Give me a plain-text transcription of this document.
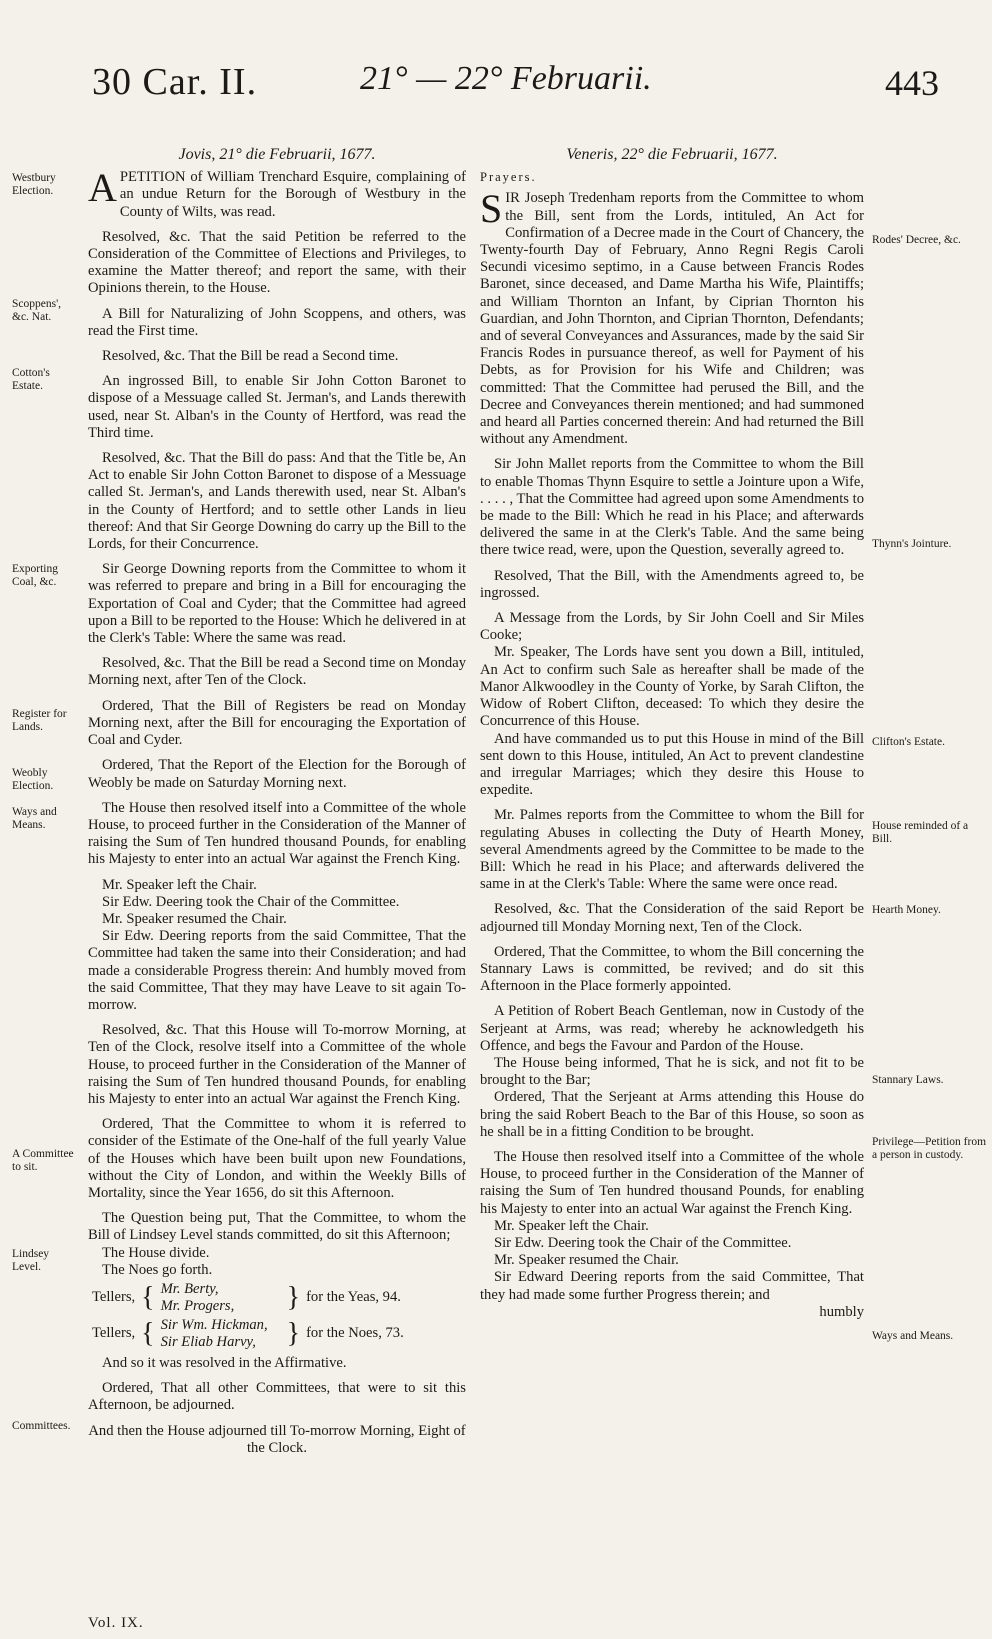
30 Car. II.	21° — 22° Februarii.	443
Westbury Election.
Scoppens', &c. Nat.
Cotton's Estate.
Exporting Coal, &c.
Register for Lands.
Weobly Election.
Ways and Means.
A Committee to sit.
Lindsey Level.
Committees.
Rodes' Decree, &c.
Thynn's Jointure.
Clifton's Estate.
House reminded of a Bill.
Hearth Money.
Stannary Laws.
Privilege—Petition from a person in custody.
Ways and Means.
Jovis, 21° die Februarii, 1677.

APETITION of William Trenchard Esquire, complaining of an undue Return for the Borough of Westbury in the County of Wilts, was read.

Resolved, &c. That the said Petition be referred to the Consideration of the Committee of Elections and Privileges, to examine the Matter thereof; and report the same, with their Opinions therein, to the House.

A Bill for Naturalizing of John Scoppens, and others, was read the First time.

Resolved, &c. That the Bill be read a Second time.

An ingrossed Bill, to enable Sir John Cotton Baronet to dispose of a Messuage called St. Jerman's, and Lands therewith used, near St. Alban's in the County of Hertford, was read the Third time.

Resolved, &c. That the Bill do pass: And that the Title be, An Act to enable Sir John Cotton Baronet to dispose of a Messuage called St. Jerman's, and Lands therewith used, near St. Alban's in the County of Hertford; and to settle other Lands in lieu thereof: And that Sir George Downing do carry up the Bill to the Lords, for their Concurrence.

Sir George Downing reports from the Committee to whom it was referred to prepare and bring in a Bill for encouraging the Exportation of Coal and Cyder; that the Committee had agreed upon a Bill to be reported to the House: Which he delivered in at the Clerk's Table: Where the same was read.

Resolved, &c. That the Bill be read a Second time on Monday Morning next, after Ten of the Clock.

Ordered, That the Bill of Registers be read on Monday Morning next, after the Bill for encouraging the Exportation of Coal and Cyder.

Ordered, That the Report of the Election for the Borough of Weobly be made on Saturday Morning next.

The House then resolved itself into a Committee of the whole House, to proceed further in the Consideration of the Manner of raising the Sum of Ten hundred thousand Pounds, for enabling his Majesty to enter into an actual War against the French King.

Mr. Speaker left the Chair.

Sir Edw. Deering took the Chair of the Committee.

Mr. Speaker resumed the Chair.

Sir Edw. Deering reports from the said Committee, That the Committee had taken the same into their Consideration; and had made a considerable Progress therein: And humbly moved from the said Committee, That they may have Leave to sit again To-morrow.

Resolved, &c. That this House will To-morrow Morning, at Ten of the Clock, resolve itself into a Committee of the whole House, to proceed further in the Consideration of the Manner of raising the Sum of Ten hundred thousand Pounds, for enabling his Majesty to enter into an actual War against the French King.

Ordered, That the Committee to whom it is referred to consider of the Estimate of the One-half of the full yearly Value of the Houses which have been built upon new Foundations, without the City of London, and within the Weekly Bills of Mortality, since the Year 1656, do sit this Afternoon.

The Question being put, That the Committee, to whom the Bill of Lindsey Level stands committed, do sit this Afternoon;

The House divide.

The Noes go forth.

Tellers,	{	Mr. Berty,
Mr. Progers,	}	for the Yeas, 94.
Tellers,	{	Sir Wm. Hickman,
Sir Eliab Harvy,	}	for the Noes, 73.

And so it was resolved in the Affirmative.

Ordered, That all other Committees, that were to sit this Afternoon, be adjourned.

And then the House adjourned till To-morrow Morning, Eight of the Clock.

Vol. IX.
Veneris, 22° die Februarii, 1677.
Prayers.

SIR Joseph Tredenham reports from the Committee to whom the Bill, sent from the Lords, intituled, An Act for Confirmation of a Decree made in the Court of Chancery, the Twenty-fourth Day of February, Anno Regni Regis Caroli Secundi vicesimo septimo, in a Cause between Francis Rodes Baronet, since deceased, and Dame Martha his Wife, Plaintiffs; and William Thornton an Infant, by Ciprian Thornton his Guardian, and John Thornton, and Ciprian Thornton, Defendants; and of several Conveyances and Assurances, made by the said Sir Francis Rodes in pursuance thereof, as well for Payment of his Debts, as for Provision for his Wife and Children; was committed: That the Committee had perused the Bill, and the Decree and Conveyances therein mentioned; and had summoned and heard all Parties concerned therein: And had returned the Bill without any Amendment.

Sir John Mallet reports from the Committee to whom the Bill to enable Thomas Thynn Esquire to settle a Jointure upon a Wife, . . . . , That the Committee had agreed upon some Amendments to be made to the Bill: Which he read in his Place; and afterwards delivered the same in at the Clerk's Table. And the same being there twice read, were, upon the Question, severally agreed to.

Resolved, That the Bill, with the Amendments agreed to, be ingrossed.

A Message from the Lords, by Sir John Coell and Sir Miles Cooke;

Mr. Speaker, The Lords have sent you down a Bill, intituled, An Act to confirm such Sale as hereafter shall be made of the Manor Alkwoodley in the County of Yorke, by Sarah Clifton, the Widow of Robert Clifton, deceased: To which they desire the Concurrence of this House.

And have commanded us to put this House in mind of the Bill sent down to this House, intituled, An Act to prevent clandestine and irregular Marriages; which they desire this House to expedite.

Mr. Palmes reports from the Committee to whom the Bill for regulating Abuses in collecting the Duty of Hearth Money, several Amendments agreed by the Committee to be made to the Bill: Which he read in his Place; and afterwards delivered the same in at the Clerk's Table: Where the same were once read.

Resolved, &c. That the Consideration of the said Report be adjourned till Monday Morning next, Ten of the Clock.

Ordered, That the Committee, to whom the Bill concerning the Stannary Laws is committed, be revived; and do sit this Afternoon in the Place formerly appointed.

A Petition of Robert Beach Gentleman, now in Custody of the Serjeant at Arms, was read; whereby he acknowledgeth his Offence, and begs the Favour and Pardon of the House.

The House being informed, That he is sick, and not fit to be brought to the Bar;

Ordered, That the Serjeant at Arms attending this House do bring the said Robert Beach to the Bar of this House, so soon as he shall be in a fitting Condition to be brought.

The House then resolved itself into a Committee of the whole House, to proceed further in the Consideration of the Manner of raising the Sum of Ten hundred thousand Pounds, for enabling his Majesty to enter into an actual War against the French King.

Mr. Speaker left the Chair.

Sir Edw. Deering took the Chair of the Committee.

Mr. Speaker resumed the Chair.

Sir Edward Deering reports from the said Committee, That they had made some further Progress therein; and

humbly
